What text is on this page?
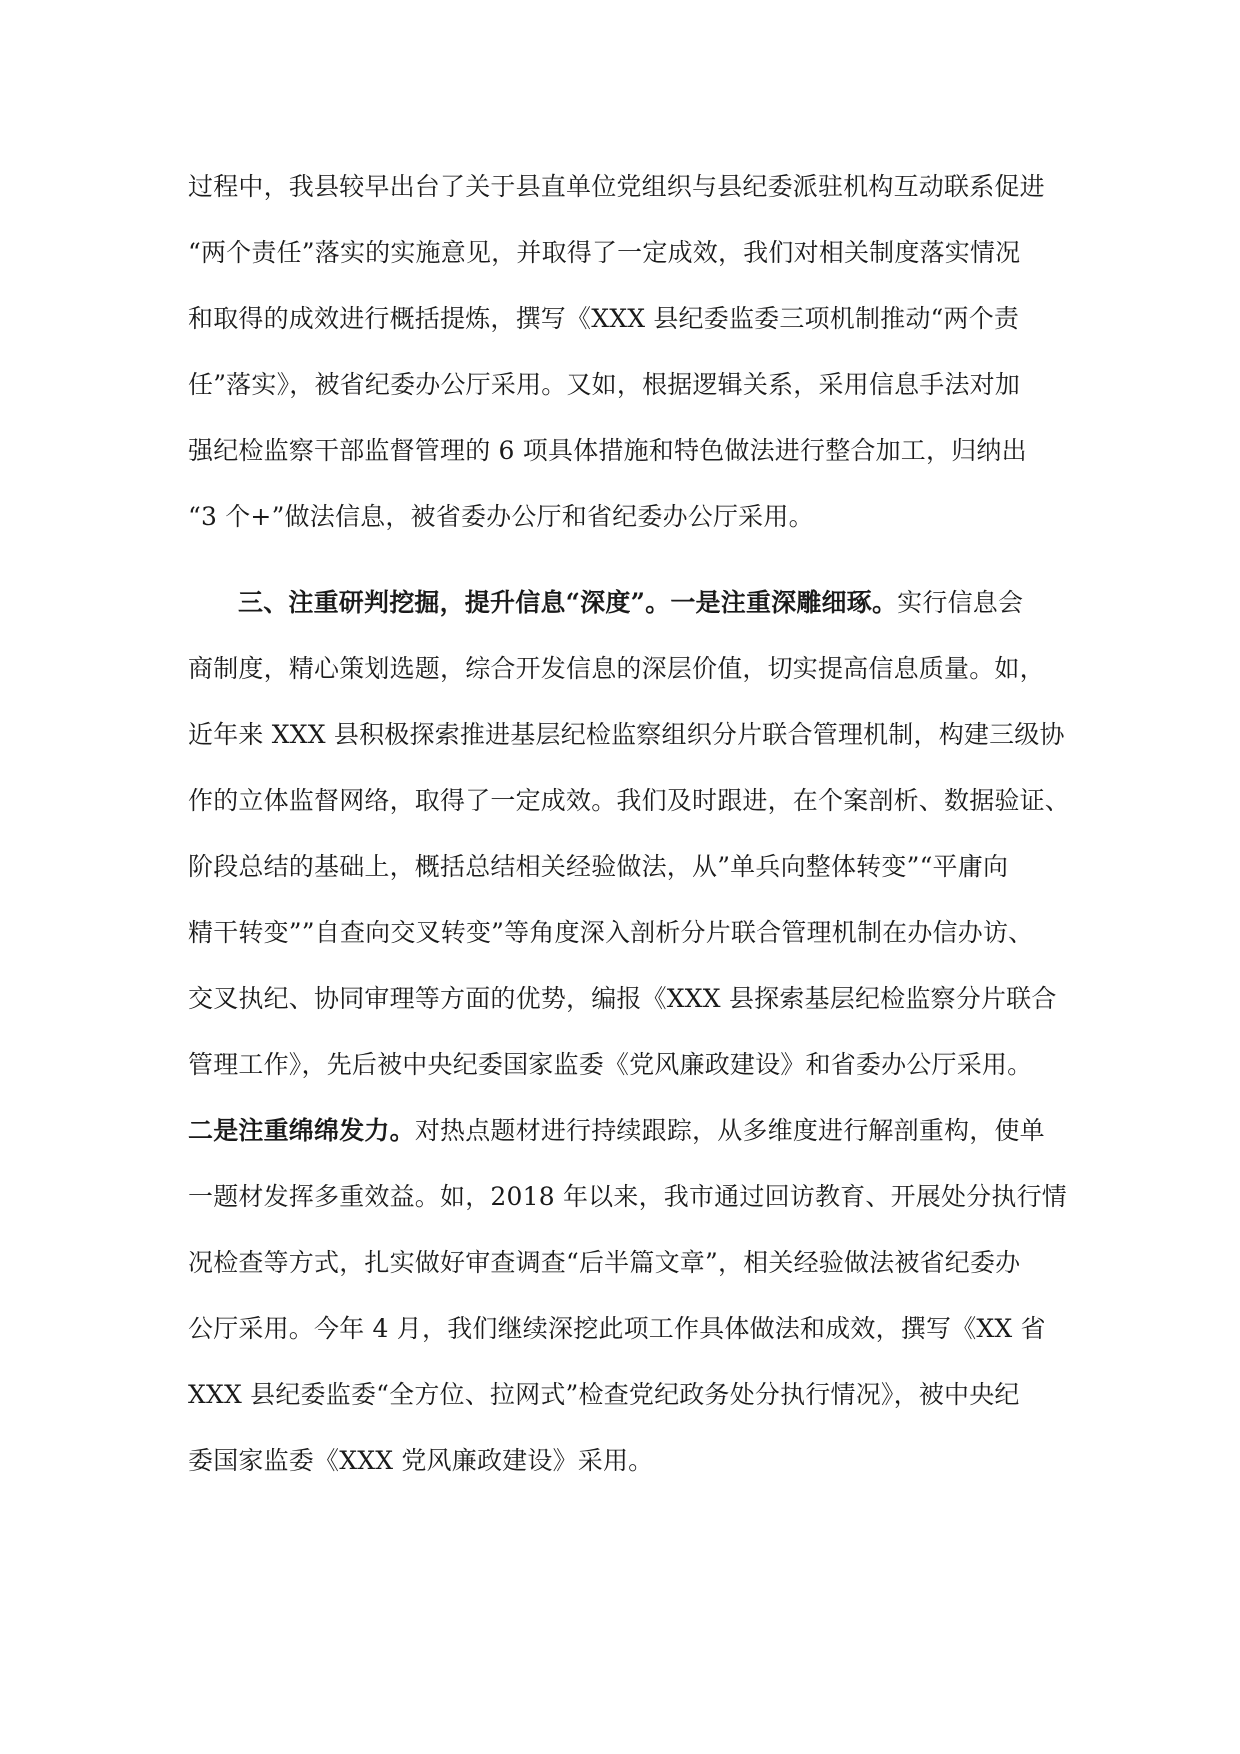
过程中，我县较早出台了关于县直单位党组织与县纪委派驻机构互动联系促进
“两个责任”落实的实施意见，并取得了一定成效，我们对相关制度落实情况
和取得的成效进行概括提炼，撰写《XXX 县纪委监委三项机制推动“两个责
任”落实》，被省纪委办公厅采用。又如，根据逻辑关系，采用信息手法对加
强纪检监察干部监督管理的 6 项具体措施和特色做法进行整合加工，归纳出
“3 个+”做法信息，被省委办公厅和省纪委办公厅采用。
三、注重研判挖掘，提升信息“深度”。一是注重深雕细琢。实行信息会
商制度，精心策划选题，综合开发信息的深层价值，切实提高信息质量。如，
近年来 XXX 县积极探索推进基层纪检监察组织分片联合管理机制，构建三级协
作的立体监督网络，取得了一定成效。我们及时跟进，在个案剖析、数据验证、
阶段总结的基础上，概括总结相关经验做法，从”单兵向整体转变”“平庸向
精干转变””自查向交叉转变”等角度深入剖析分片联合管理机制在办信办访、
交叉执纪、协同审理等方面的优势，编报《XXX 县探索基层纪检监察分片联合
管理工作》，先后被中央纪委国家监委《党风廉政建设》和省委办公厅采用。
二是注重绵绵发力。对热点题材进行持续跟踪，从多维度进行解剖重构，使单
一题材发挥多重效益。如，2018 年以来，我市通过回访教育、开展处分执行情
况检查等方式，扎实做好审查调查“后半篇文章”，相关经验做法被省纪委办
公厅采用。今年 4 月，我们继续深挖此项工作具体做法和成效，撰写《XX 省
XXX 县纪委监委“全方位、拉网式”检查党纪政务处分执行情况》，被中央纪
委国家监委《XXX 党风廉政建设》采用。
